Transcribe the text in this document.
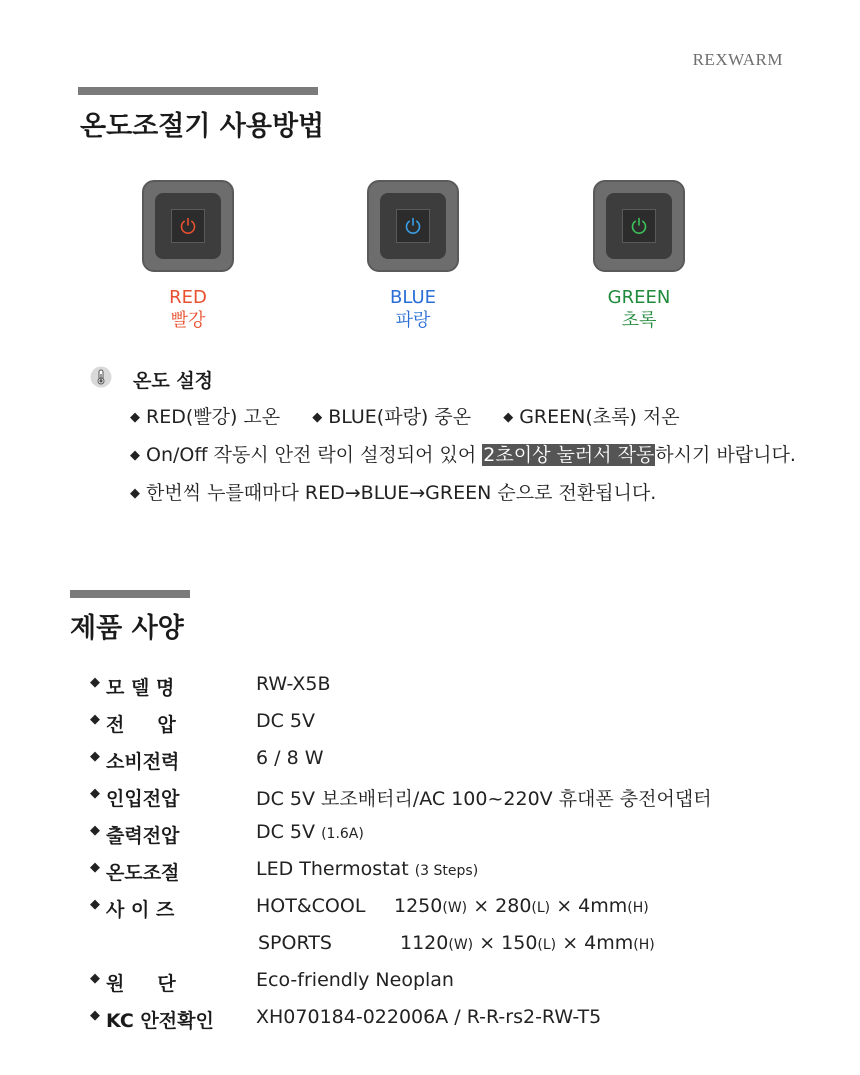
REXWARM
온도조절기 사용방법
RED
빨강
BLUE
파랑
GREEN
초록
온도 설정
◆ RED(빨강) 고온 ◆ BLUE(파랑) 중온 ◆ GREEN(초록) 저온
◆ On/Off 작동시 안전 락이 설정되어 있어 2초이상 눌러서 작동하시기 바랍니다.
◆ 한번씩 누를때마다 RED→BLUE→GREEN 순으로 전환됩니다.
제품 사양
◆ 모 델 명	RW-X5B
◆ 전     압	DC 5V
◆ 소비전력	6 / 8 W
◆ 인입전압	DC 5V 보조배터리/AC 100~220V 휴대폰 충전어댑터
◆ 출력전압	DC 5V (1.6A)
◆ 온도조절	LED Thermostat (3 Steps)
◆ 사 이 즈	HOT&COOL 1250(W) × 280(L) × 4mm(H)
SPORTS	1120(W) × 150(L) × 4mm(H)
◆ 원     단	Eco-friendly Neoplan
◆ KC 안전확인 XH070184-022006A / R-R-rs2-RW-T5
